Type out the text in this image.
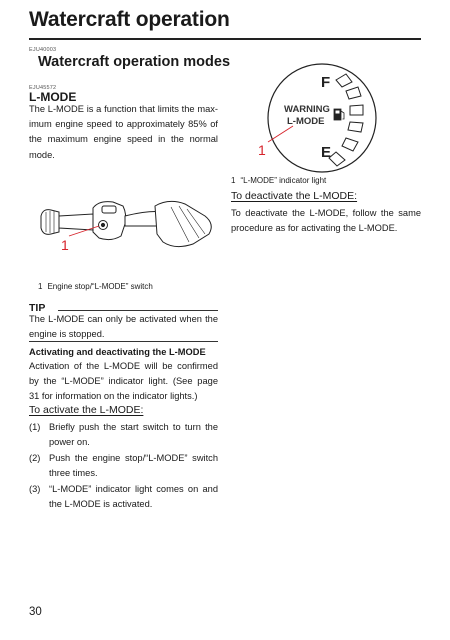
Watercraft operation
EJU40003
Watercraft operation modes
EJU45572
L-MODE
The L-MODE is a function that limits the max-
imum engine speed to approximately 85% of
the maximum engine speed in the normal
mode.
F
E
WARNING
L-MODE
1
1 “L-MODE” indicator light
1
1 Engine stop/“L-MODE” switch
TIP
The L-MODE can only be activated when the
engine is stopped.
Activating and deactivating the L-MODE
Activation of the L-MODE will be confirmed
by the “L-MODE” indicator light. (See page
31 for information on the indicator lights.)
To activate the L-MODE:
(1) Briefly push the start switch to turn the
power on.
(2) Push the engine stop/“L-MODE” switch
three times.
(3) “L-MODE” indicator light comes on and
the L-MODE is activated.
To deactivate the L-MODE:
To deactivate the L-MODE, follow the same
procedure as for activating the L-MODE.
30
